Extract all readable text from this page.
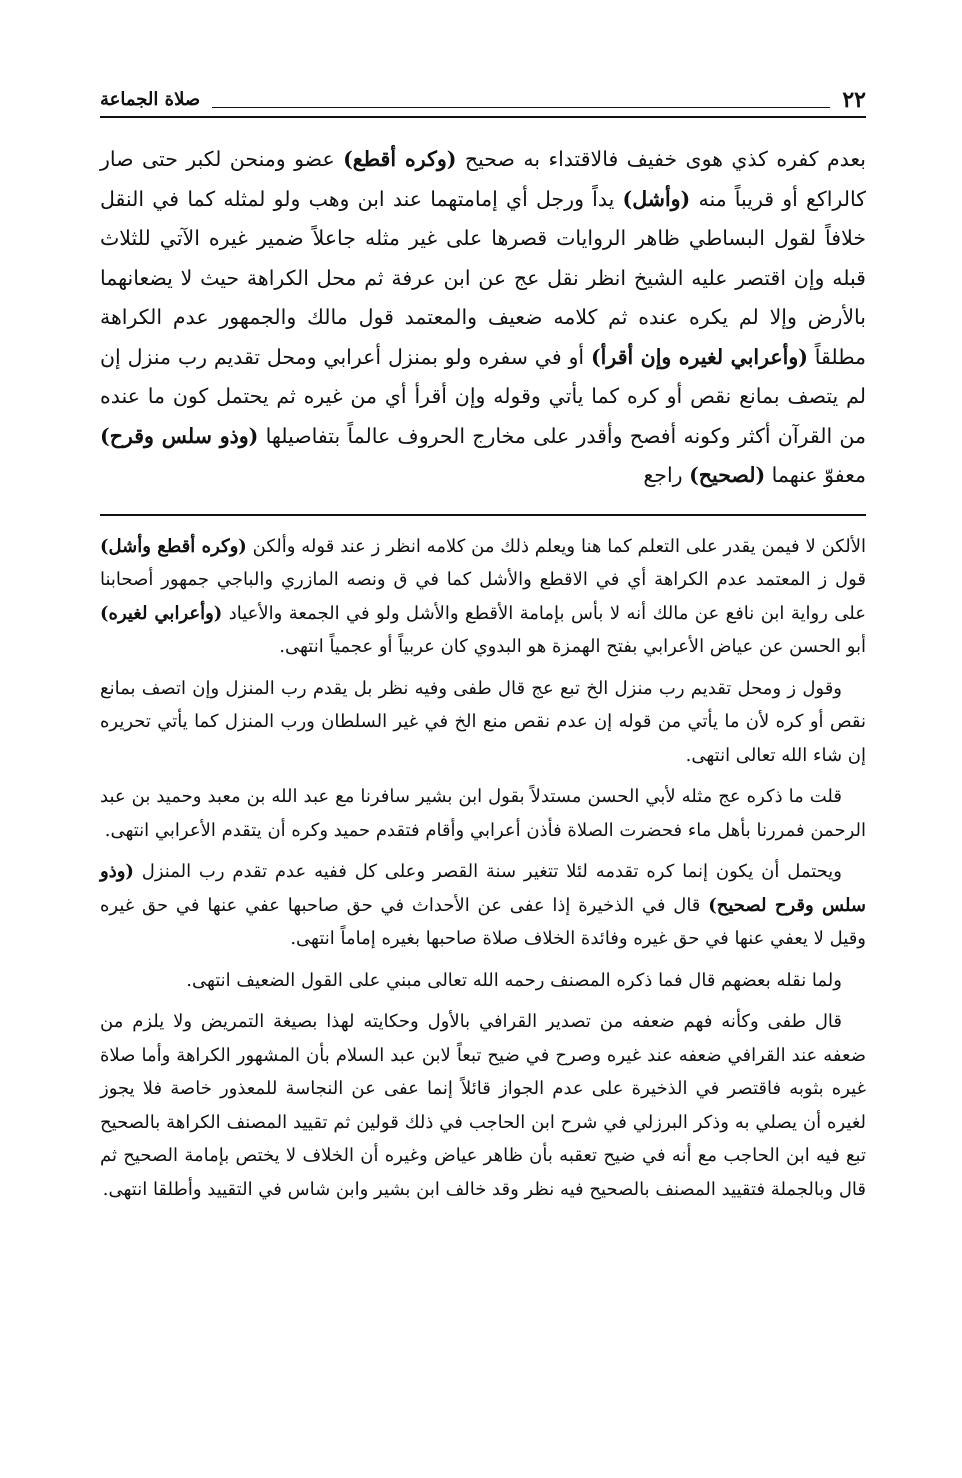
٢٢
صلاة الجماعة

بعدم كفره كذي هوى خفيف فالاقتداء به صحيح (وكره أقطع) عضو ومنحن لكبر حتى صار كالراكع أو قريباً منه (وأشل) يداً ورجل أي إمامتهما عند ابن وهب ولو لمثله كما في النقل خلافاً لقول البساطي ظاهر الروايات قصرها على غير مثله جاعلاً ضمير غيره الآتي للثلاث قبله وإن اقتصر عليه الشيخ انظر نقل عج عن ابن عرفة ثم محل الكراهة حيث لا يضعانهما بالأرض وإلا لم يكره عنده ثم كلامه ضعيف والمعتمد قول مالك والجمهور عدم الكراهة مطلقاً (وأعرابي لغيره وإن أقرأ) أو في سفره ولو بمنزل أعرابي ومحل تقديم رب منزل إن لم يتصف بمانع نقص أو كره كما يأتي وقوله وإن أقرأ أي من غيره ثم يحتمل كون ما عنده من القرآن أكثر وكونه أفصح وأقدر على مخارج الحروف عالماً بتفاصيلها (وذو سلس وقرح) معفوّ عنهما (لصحيح) راجع

الألكن لا فيمن يقدر على التعلم كما هنا ويعلم ذلك من كلامه انظر ز عند قوله وألكن (وكره أقطع وأشل) قول ز المعتمد عدم الكراهة أي في الاقطع والأشل كما في ق ونصه المازري والباجي جمهور أصحابنا على رواية ابن نافع عن مالك أنه لا بأس بإمامة الأقطع والأشل ولو في الجمعة والأعياد (وأعرابي لغيره) أبو الحسن عن عياض الأعرابي بفتح الهمزة هو البدوي كان عربياً أو عجمياً انتهى.

وقول ز ومحل تقديم رب منزل الخ تبع عج قال طفى وفيه نظر بل يقدم رب المنزل وإن اتصف بمانع نقص أو كره لأن ما يأتي من قوله إن عدم نقص منع الخ في غير السلطان ورب المنزل كما يأتي تحريره إن شاء الله تعالى انتهى.

قلت ما ذكره عج مثله لأبي الحسن مستدلاً بقول ابن بشير سافرنا مع عبد الله بن معبد وحميد بن عبد الرحمن فمررنا بأهل ماء فحضرت الصلاة فأذن أعرابي وأقام فتقدم حميد وكره أن يتقدم الأعرابي انتهى.

ويحتمل أن يكون إنما كره تقدمه لئلا تتغير سنة القصر وعلى كل ففيه عدم تقدم رب المنزل (وذو سلس وقرح لصحيح) قال في الذخيرة إذا عفى عن الأحداث في حق صاحبها عفي عنها في حق غيره وقيل لا يعفي عنها في حق غيره وفائدة الخلاف صلاة صاحبها بغيره إماماً انتهى.

ولما نقله بعضهم قال فما ذكره المصنف رحمه الله تعالى مبني على القول الضعيف انتهى.

قال طفى وكأنه فهم ضعفه من تصدير القرافي بالأول وحكايته لهذا بصيغة التمريض ولا يلزم من ضعفه عند القرافي ضعفه عند غيره وصرح في ضيح تبعاً لابن عبد السلام بأن المشهور الكراهة وأما صلاة غيره بثوبه فاقتصر في الذخيرة على عدم الجواز قائلاً إنما عفى عن النجاسة للمعذور خاصة فلا يجوز لغيره أن يصلي به وذكر البرزلي في شرح ابن الحاجب في ذلك قولين ثم تقييد المصنف الكراهة بالصحيح تبع فيه ابن الحاجب مع أنه في ضيح تعقبه بأن ظاهر عياض وغيره أن الخلاف لا يختص بإمامة الصحيح ثم قال وبالجملة فتقييد المصنف بالصحيح فيه نظر وقد خالف ابن بشير وابن شاس في التقييد وأطلقا انتهى.
